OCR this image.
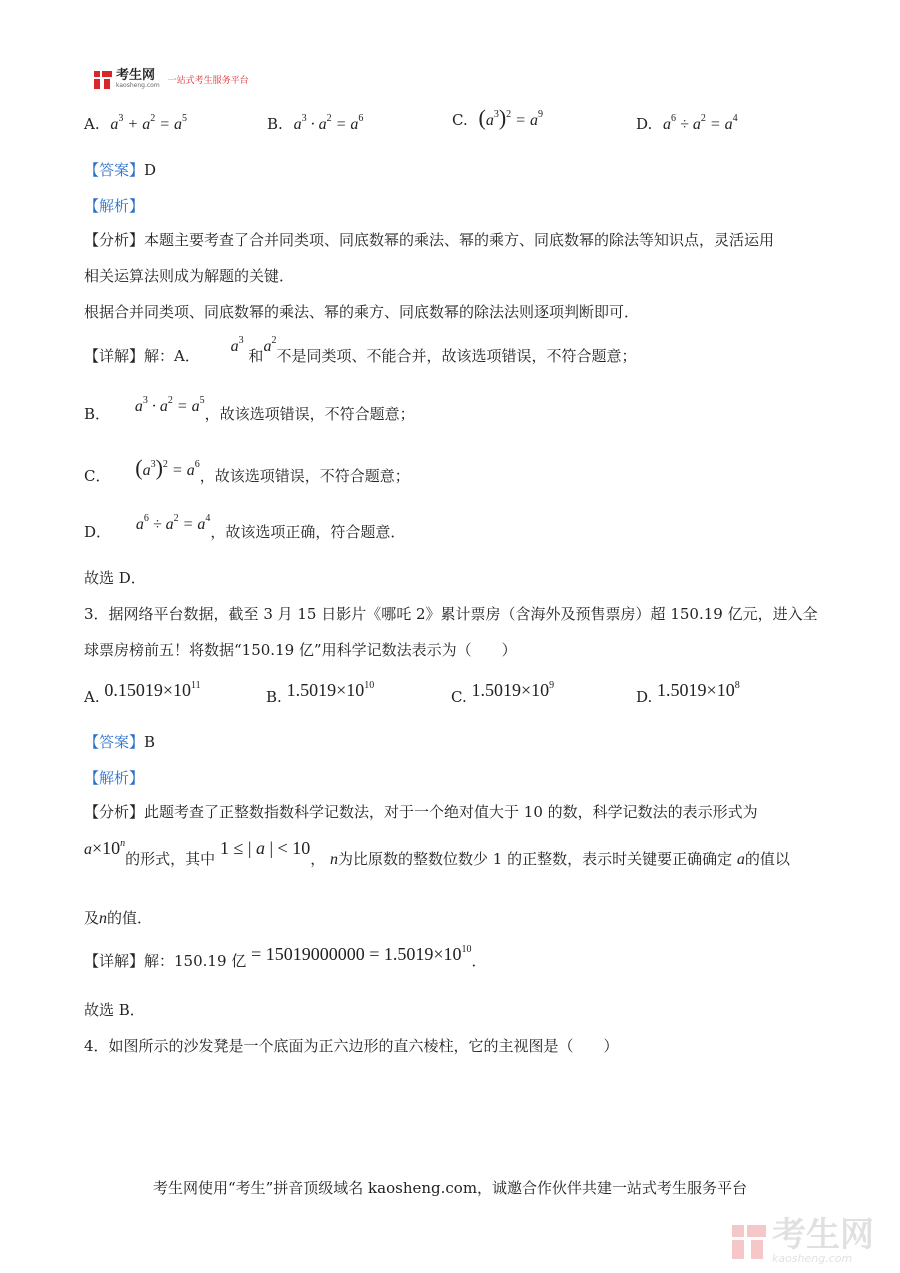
考生网
kaosheng.com 一站式考生服务平台
A. $a^3 + a^2 = a^5$	B. $a^3 \cdot a^2 = a^6$	C. $(a^3)^2 = a^9$
D. $a^6 \div a^2 = a^4$
【答案】D
【解析】
【分析】本题主要考查了合并同类项、同底数幂的乘法、幂的乘方、同底数幂的除法等知识点，灵活运用
相关运算法则成为解题的关键．
根据合并同类项、同底数幂的乘法、幂的乘方、同底数幂的除法法则逐项判断即可．
【详解】解：A． $a^3$ 和$a^2$不是同类项、不能合并，故该选项错误，不符合题意；
B． $a^3 \cdot a^2 = a^5$，故该选项错误，不符合题意；
C． $(a^3)^2 = a^6$，故该选项错误，不符合题意；
D． $a^6 \div a^2 = a^4$，故该选项正确，符合题意．
故选 D．
3．据网络平台数据，截至 3 月 15 日影片《哪吒 2》累计票房（含海外及预售票房）超 150.19 亿元，进入全
球票房榜前五！将数据“150.19 亿”用科学记数法表示为（　　）
A. $0.15019\times 10^{11}$
B. $1.5019\times 10^{10}$
C. $1.5019\times 10^9$
D. $1.5019\times 10^8$
【答案】B
【解析】
【分析】此题考查了正整数指数科学记数法，对于一个绝对值大于 10 的数，科学记数法的表示形式为
$a\times 10^n$的形式，其中 1 ≤ | a | < 10， n为比原数的整数位数少 1 的正整数，表示时关键要正确确定 a的值以
及n的值．
【详解】解：150.19 亿 = $15019000000 = 1.5019\times 10^{10}$．
故选 B．
4．如图所示的沙发凳是一个底面为正六边形的直六棱柱，它的主视图是（　　）
考生网使用“考生”拼音顶级域名 kaosheng.com，诚邀合作伙伴共建一站式考生服务平台
考生网
kaosheng.com
